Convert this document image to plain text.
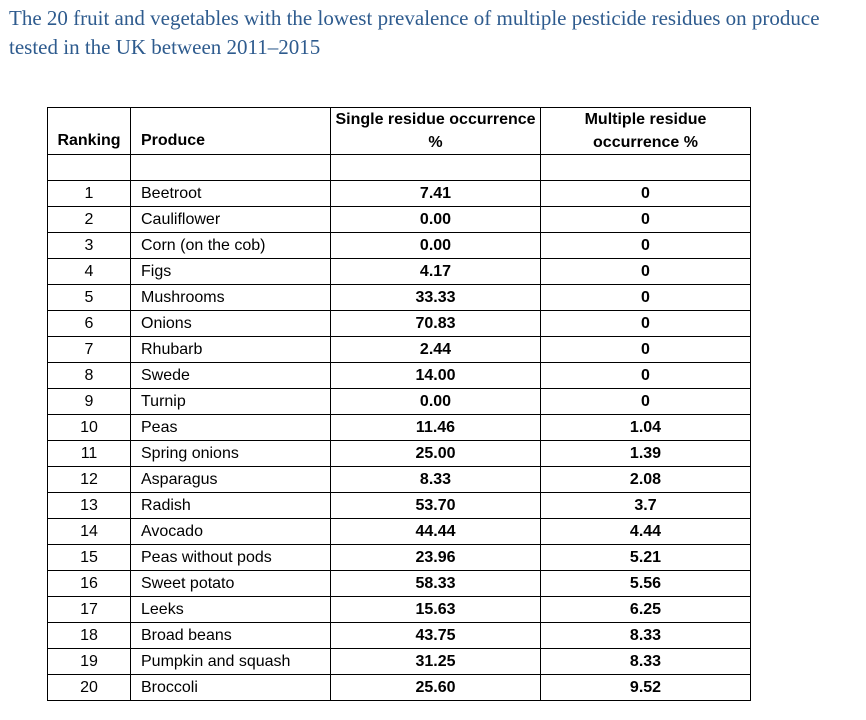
The 20 fruit and vegetables with the lowest prevalence of multiple pesticide residues on produce tested in the UK between 2011–2015
Ranking	Produce	Single residue occurrence %	Multiple residue occurrence %

1	Beetroot	7.41	0
2	Cauliflower	0.00	0
3	Corn (on the cob)	0.00	0
4	Figs	4.17	0
5	Mushrooms	33.33	0
6	Onions	70.83	0
7	Rhubarb	2.44	0
8	Swede	14.00	0
9	Turnip	0.00	0
10	Peas	11.46	1.04
11	Spring onions	25.00	1.39
12	Asparagus	8.33	2.08
13	Radish	53.70	3.7
14	Avocado	44.44	4.44
15	Peas without pods	23.96	5.21
16	Sweet potato	58.33	5.56
17	Leeks	15.63	6.25
18	Broad beans	43.75	8.33
19	Pumpkin and squash	31.25	8.33
20	Broccoli	25.60	9.52
